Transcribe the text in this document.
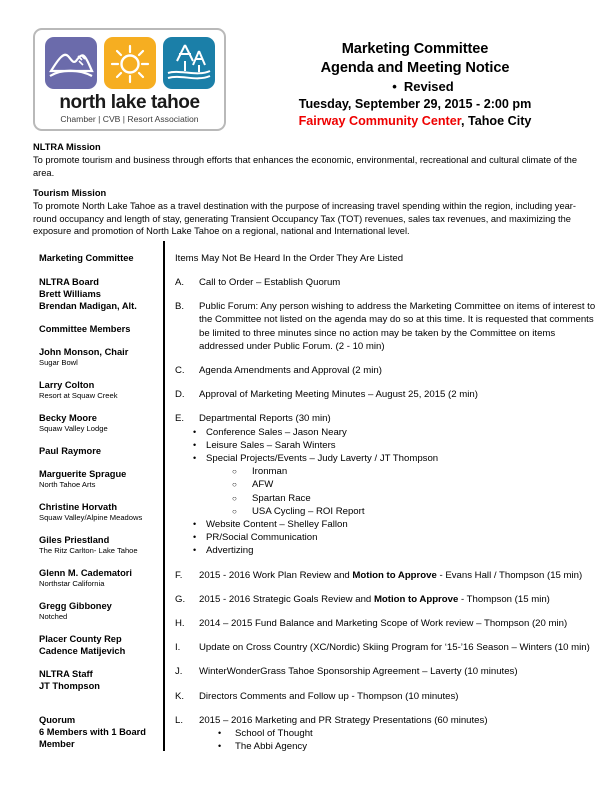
north lake tahoe
Chamber | CVB | Resort Association
Marketing Committee
Agenda and Meeting Notice
• Revised
Tuesday, September 29, 2015 - 2:00 pm
Fairway Community Center, Tahoe City
NLTRA Mission
To promote tourism and business through efforts that enhances the economic, environmental, recreational and cultural climate of the area.
Tourism Mission
To promote North Lake Tahoe as a travel destination with the purpose of increasing travel spending within the region, including year-round occupancy and length of stay, generating Transient Occupancy Tax (TOT) revenues, sales tax revenues, and maximizing the exposure and promotion of North Lake Tahoe on a regional, national and International level.
Marketing Committee
NLTRA Board
Brett Williams
Brendan Madigan, Alt.
Committee Members
John Monson, Chair
Sugar Bowl
Larry Colton
Resort at Squaw Creek
Becky Moore
Squaw Valley Lodge
Paul Raymore
Marguerite Sprague
North Tahoe Arts
Christine Horvath
Squaw Valley/Alpine Meadows
Giles Priestland
The Ritz Carlton- Lake Tahoe
Glenn M. Cadematori
Northstar California
Gregg Gibboney
Notched
Placer County Rep
Cadence Matijevich
NLTRA Staff
JT Thompson
Quorum
6 Members with 1 Board
Member
Items May Not Be Heard In the Order They Are Listed
A.	Call to Order – Establish Quorum
B.	Public Forum: Any person wishing to address the Marketing Committee on items of interest to the Committee not listed on the agenda may do so at this time. It is requested that comments be limited to three minutes since no action may be taken by the Committee on items addressed under Public Forum. (2 - 10 min)
C.	Agenda Amendments and Approval (2 min)
D.	Approval of Marketing Meeting Minutes – August 25, 2015 (2 min)
E.	Departmental Reports (30 min)
•	Conference Sales – Jason Neary
•	Leisure Sales – Sarah Winters
•	Special Projects/Events – Judy Laverty / JT Thompson
○
Ironman
○
AFW
○
Spartan Race
○
USA Cycling – ROI Report
•	Website Content – Shelley Fallon
•	PR/Social Communication
•	Advertizing
F.	2015 - 2016 Work Plan Review and Motion to Approve - Evans Hall / Thompson (15 min)
G.	2015 - 2016 Strategic Goals Review and Motion to Approve - Thompson (15 min)
H.	2014 – 2015 Fund Balance and Marketing Scope of Work review – Thompson (20 min)
I.	Update on Cross Country (XC/Nordic) Skiing Program for ‘15-’16 Season – Winters (10 min)
J.	WinterWonderGrass Tahoe Sponsorship Agreement – Laverty (10 minutes)
K.	Directors Comments and Follow up - Thompson (10 minutes)
L.	2015 – 2016 Marketing and PR Strategy Presentations (60 minutes)
•	School of Thought
•	The Abbi Agency
